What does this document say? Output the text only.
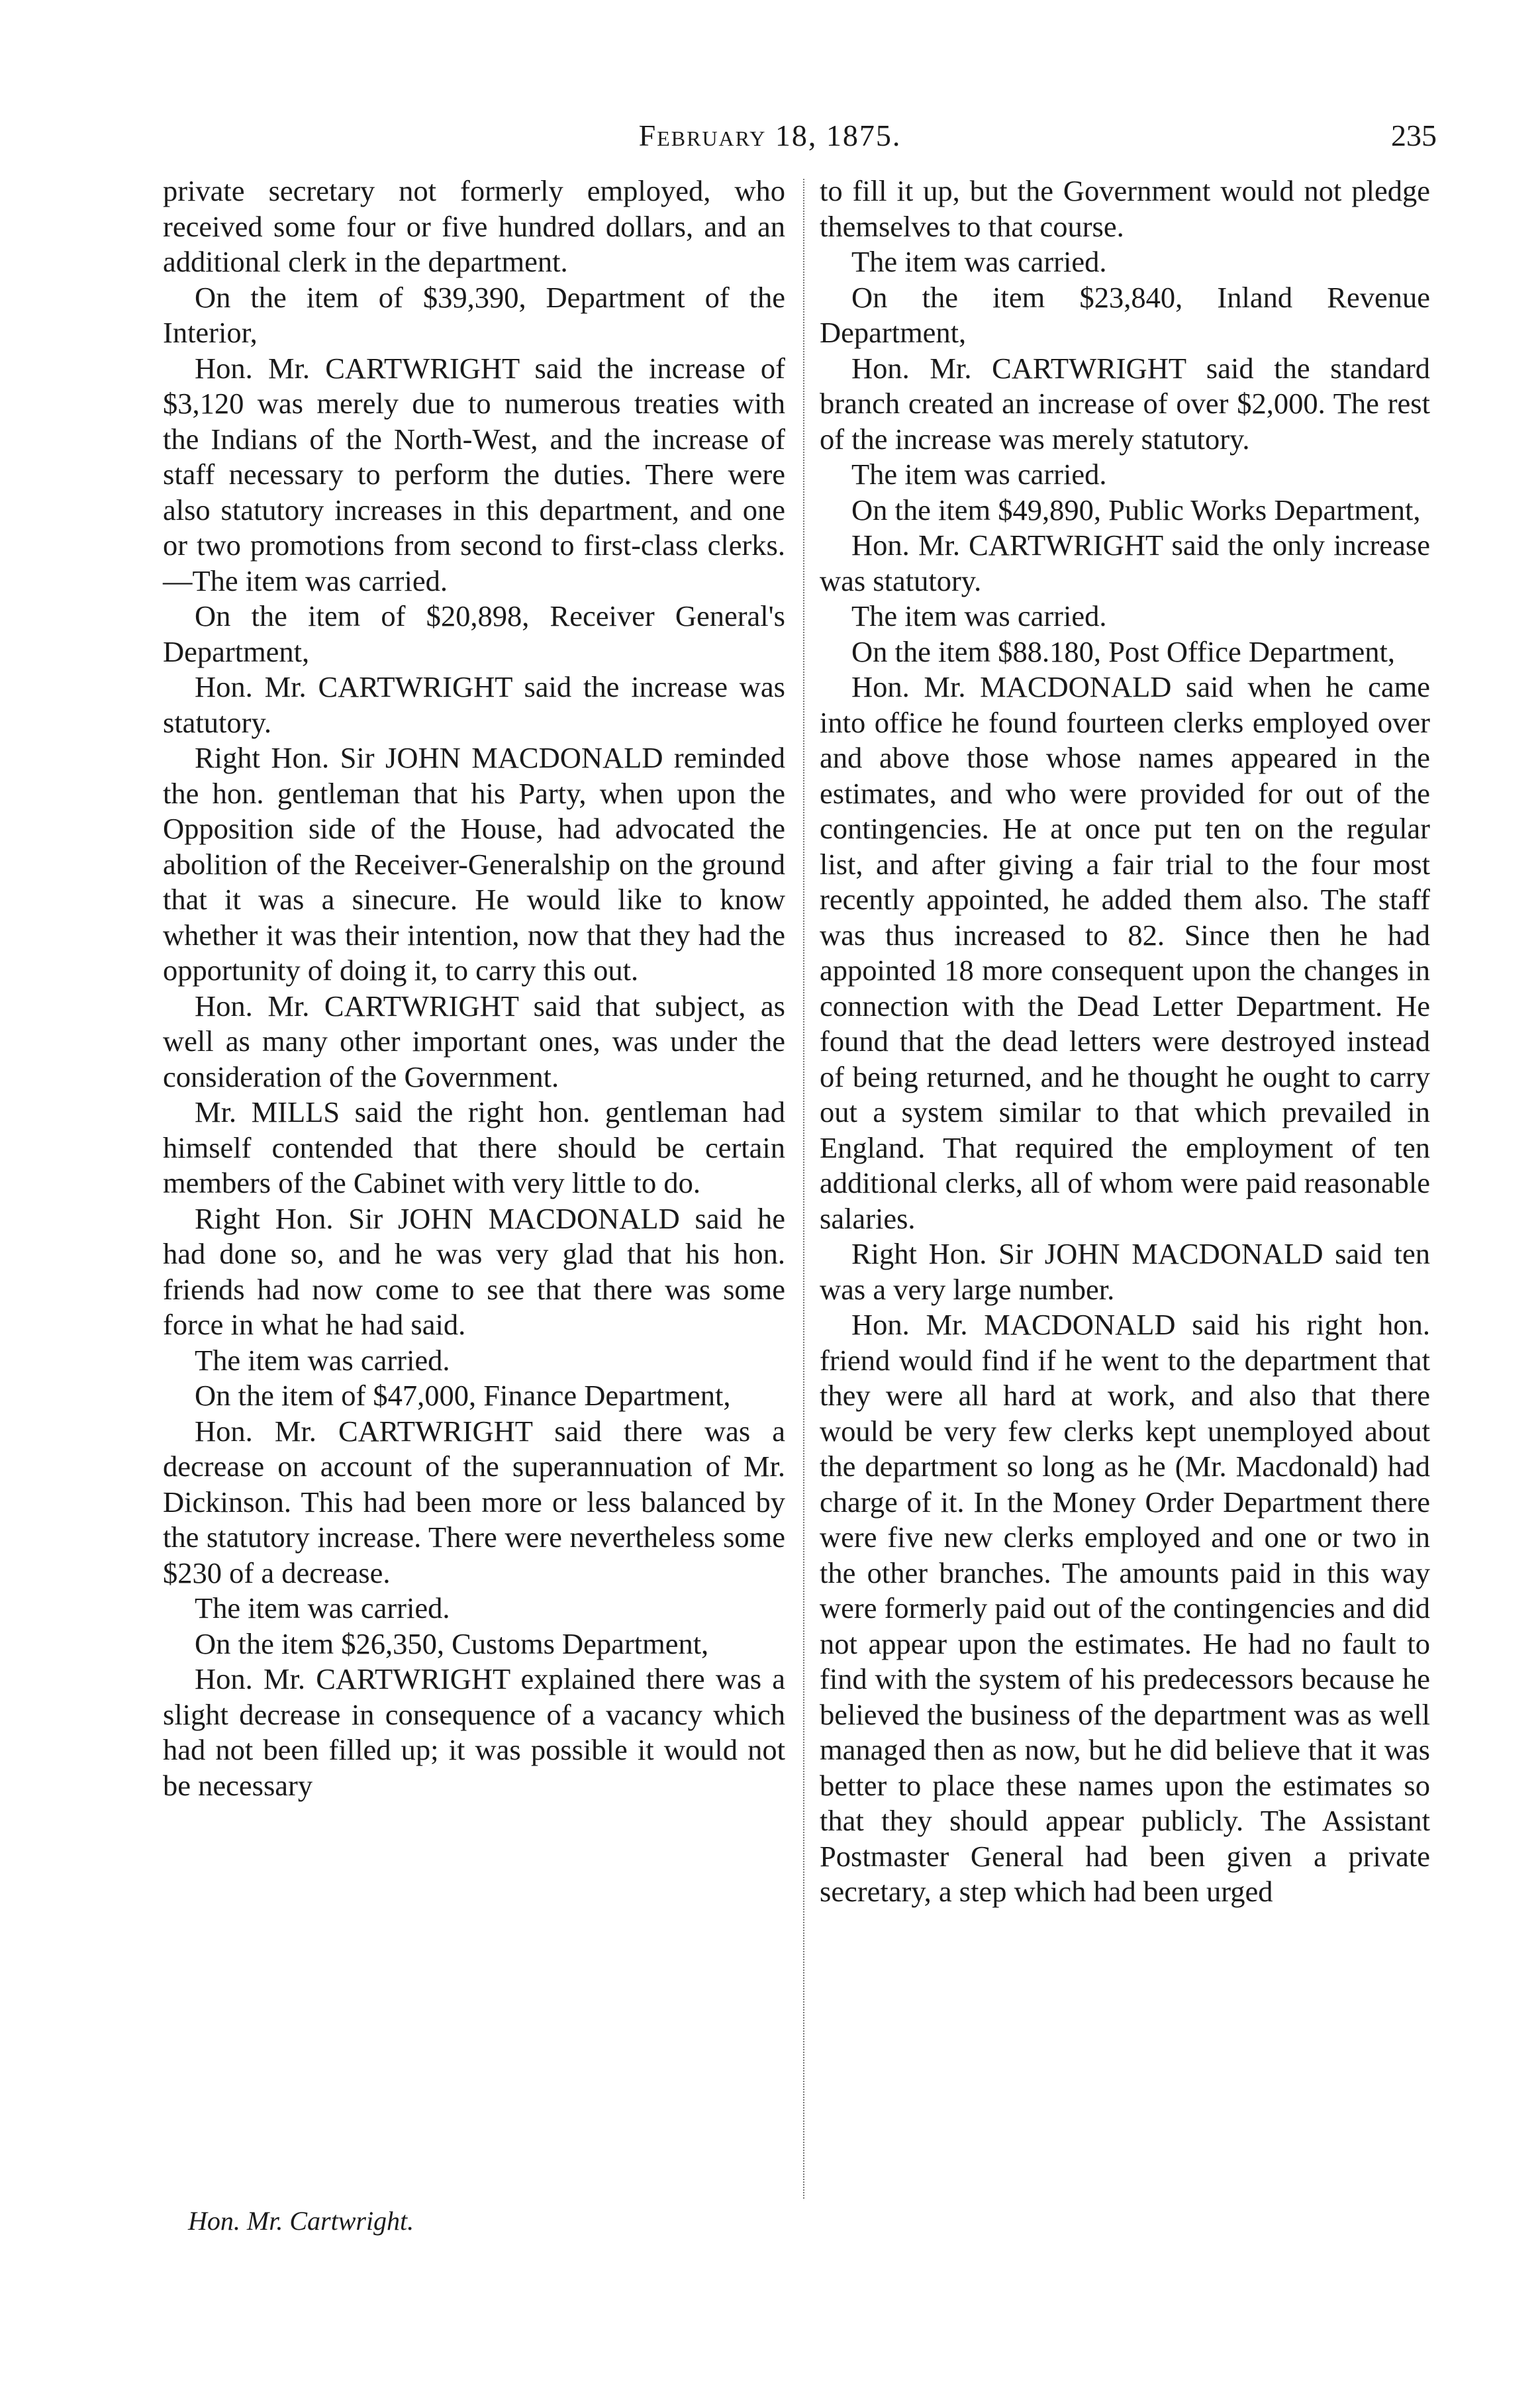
February 18, 1875.	235

private secretary not formerly employed, who received some four or five hundred dollars, and an additional clerk in the department.

On the item of $39,390, Department of the Interior,

Hon. Mr. CARTWRIGHT said the increase of $3,120 was merely due to numerous treaties with the Indians of the North-West, and the increase of staff necessary to perform the duties. There were also statutory increases in this department, and one or two promotions from second to first-class clerks.—The item was carried.

On the item of $20,898, Receiver General's Department,

Hon. Mr. CARTWRIGHT said the increase was statutory.

Right Hon. Sir JOHN MACDONALD reminded the hon. gentleman that his Party, when upon the Opposition side of the House, had advocated the abolition of the Receiver-Generalship on the ground that it was a sinecure. He would like to know whether it was their intention, now that they had the opportunity of doing it, to carry this out.

Hon. Mr. CARTWRIGHT said that subject, as well as many other important ones, was under the consideration of the Government.

Mr. MILLS said the right hon. gentleman had himself contended that there should be certain members of the Cabinet with very little to do.

Right Hon. Sir JOHN MACDONALD said he had done so, and he was very glad that his hon. friends had now come to see that there was some force in what he had said.

The item was carried.

On the item of $47,000, Finance Department,

Hon. Mr. CARTWRIGHT said there was a decrease on account of the superannuation of Mr. Dickinson. This had been more or less balanced by the statutory increase. There were nevertheless some $230 of a decrease.

The item was carried.

On the item $26,350, Customs Department,

Hon. Mr. CARTWRIGHT explained there was a slight decrease in consequence of a vacancy which had not been filled up; it was possible it would not be necessary

to fill it up, but the Government would not pledge themselves to that course.

The item was carried.

On the item $23,840, Inland Revenue Department,

Hon. Mr. CARTWRIGHT said the standard branch created an increase of over $2,000. The rest of the increase was merely statutory.

The item was carried.

On the item $49,890, Public Works Department,

Hon. Mr. CARTWRIGHT said the only increase was statutory.

The item was carried.

On the item $88.180, Post Office Department,

Hon. Mr. MACDONALD said when he came into office he found fourteen clerks employed over and above those whose names appeared in the estimates, and who were provided for out of the contingencies. He at once put ten on the regular list, and after giving a fair trial to the four most recently appointed, he added them also. The staff was thus increased to 82. Since then he had appointed 18 more consequent upon the changes in connection with the Dead Letter Department. He found that the dead letters were destroyed instead of being returned, and he thought he ought to carry out a system similar to that which prevailed in England. That required the employment of ten additional clerks, all of whom were paid reasonable salaries.

Right Hon. Sir JOHN MACDONALD said ten was a very large number.

Hon. Mr. MACDONALD said his right hon. friend would find if he went to the department that they were all hard at work, and also that there would be very few clerks kept unemployed about the department so long as he (Mr. Macdonald) had charge of it. In the Money Order Department there were five new clerks employed and one or two in the other branches. The amounts paid in this way were formerly paid out of the contingencies and did not appear upon the estimates. He had no fault to find with the system of his predecessors because he believed the business of the department was as well managed then as now, but he did believe that it was better to place these names upon the estimates so that they should appear publicly. The Assistant Postmaster General had been given a private secretary, a step which had been urged

Hon. Mr. Cartwright.
